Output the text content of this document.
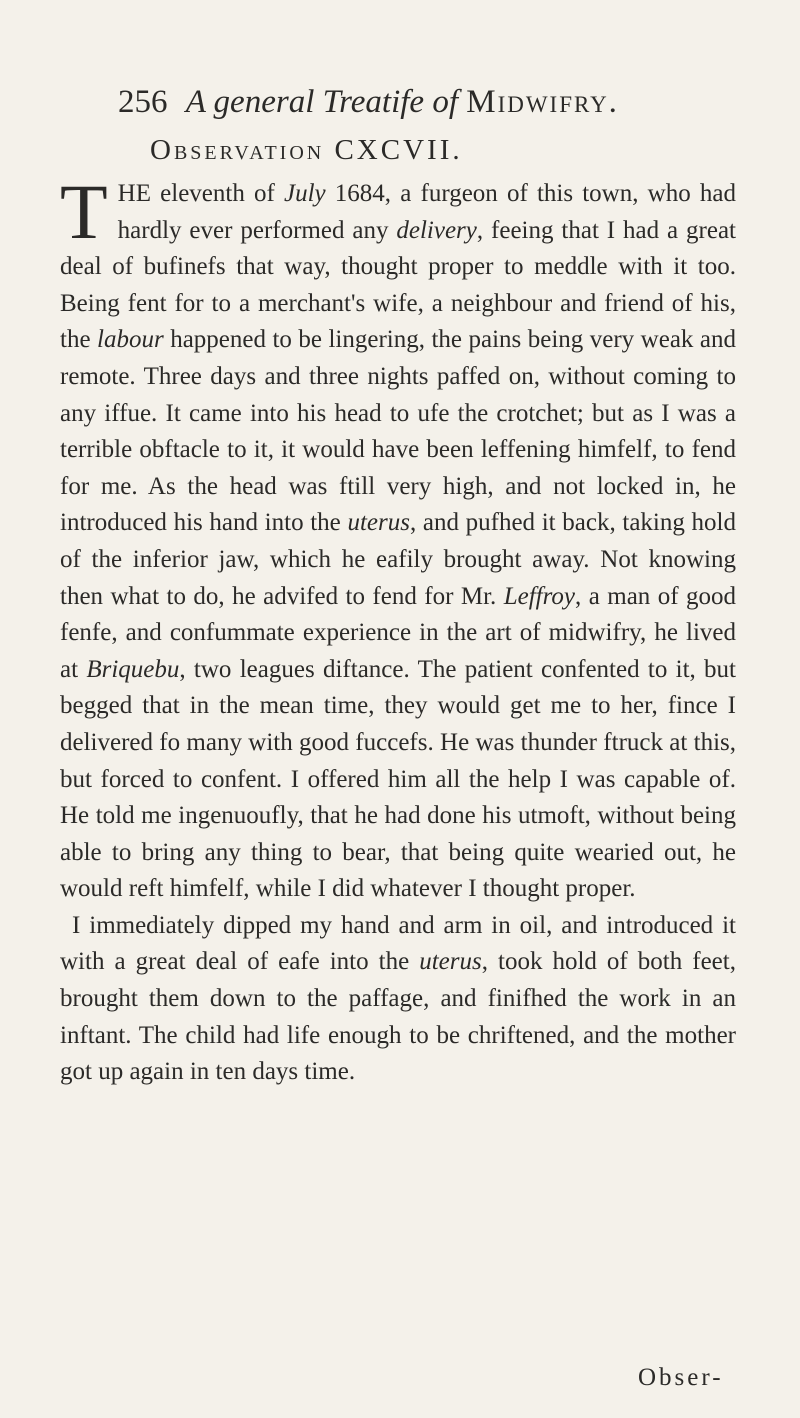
256 A general Treatife of Midwifry.
Observation CXCVII.

THE eleventh of July 1684, a furgeon of this town, who had hardly ever performed any delivery, feeing that I had a great deal of bufinefs that way, thought proper to meddle with it too. Being fent for to a merchant's wife, a neighbour and friend of his, the labour happened to be lingering, the pains being very weak and remote. Three days and three nights paffed on, without coming to any iffue. It came into his head to ufe the crotchet; but as I was a terrible obftacle to it, it would have been leffening himfelf, to fend for me. As the head was ftill very high, and not locked in, he introduced his hand into the uterus, and pufhed it back, taking hold of the inferior jaw, which he eafily brought away. Not knowing then what to do, he advifed to fend for Mr. Leffroy, a man of good fenfe, and confummate experience in the art of midwifry, he lived at Briquebu, two leagues diftance. The patient confented to it, but begged that in the mean time, they would get me to her, fince I delivered fo many with good fuccefs. He was thunder ftruck at this, but forced to confent. I offered him all the help I was capable of. He told me ingenuoufly, that he had done his utmoft, without being able to bring any thing to bear, that being quite wearied out, he would reft himfelf, while I did whatever I thought proper.

I immediately dipped my hand and arm in oil, and introduced it with a great deal of eafe into the uterus, took hold of both feet, brought them down to the paffage, and finifhed the work in an inftant. The child had life enough to be chriftened, and the mother got up again in ten days time.

Obser-
